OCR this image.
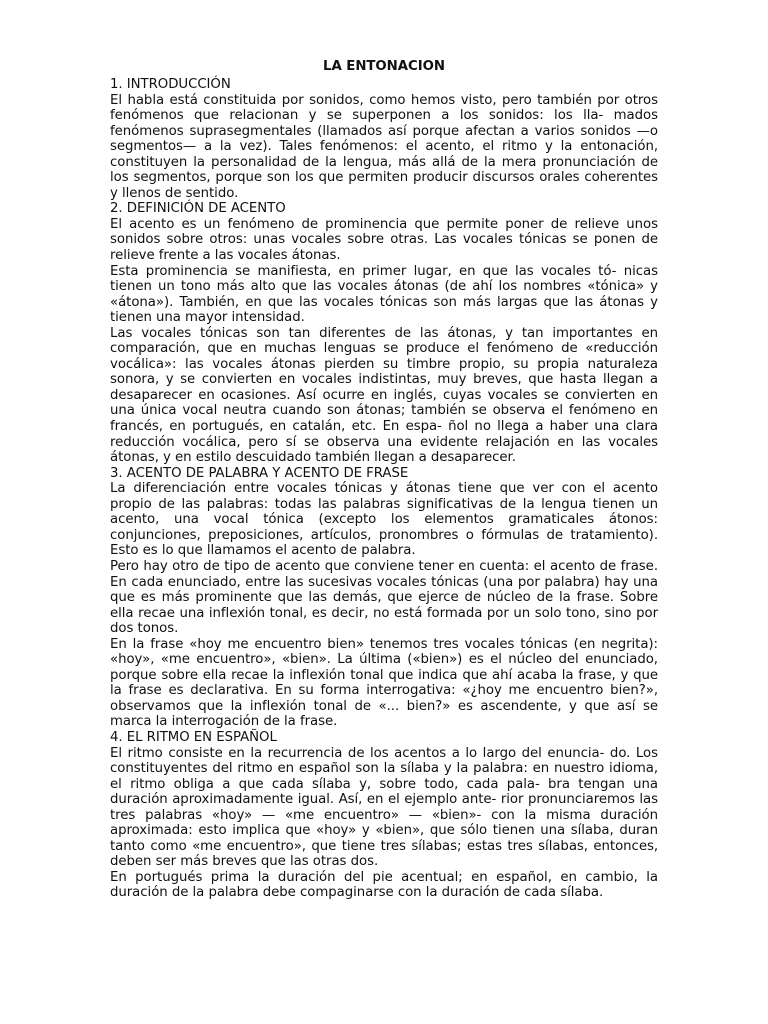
LA ENTONACION

1. INTRODUCCIÓN

El habla está constituida por sonidos, como hemos visto, pero también por otros fenómenos que relacionan y se superponen a los sonidos: los lla- mados fenómenos suprasegmentales (llamados así porque afectan a varios sonidos —o segmentos— a la vez). Tales fenómenos: el acento, el ritmo y la entonación, constituyen la personalidad de la lengua, más allá de la mera pronunciación de los segmentos, porque son los que permiten producir discursos orales coherentes y llenos de sentido.

2. DEFINICIÓN DE ACENTO

El acento es un fenómeno de prominencia que permite poner de relieve unos sonidos sobre otros: unas vocales sobre otras. Las vocales tónicas se ponen de relieve frente a las vocales átonas.

Esta prominencia se manifiesta, en primer lugar, en que las vocales tó- nicas tienen un tono más alto que las vocales átonas (de ahí los nombres «tónica» y «átona»). También, en que las vocales tónicas son más largas que las átonas y tienen una mayor intensidad.

Las vocales tónicas son tan diferentes de las átonas, y tan importantes en comparación, que en muchas lenguas se produce el fenómeno de «reducción vocálica»: las vocales átonas pierden su timbre propio, su propia naturaleza sonora, y se convierten en vocales indistintas, muy breves, que hasta llegan a desaparecer en ocasiones. Así ocurre en inglés, cuyas vocales se convierten en una única vocal neutra cuando son átonas; también se observa el fenómeno en francés, en portugués, en catalán, etc. En espa- ñol no llega a haber una clara reducción vocálica, pero sí se observa una evidente relajación en las vocales átonas, y en estilo descuidado también llegan a desaparecer.

3. ACENTO DE PALABRA Y ACENTO DE FRASE

La diferenciación entre vocales tónicas y átonas tiene que ver con el acento propio de las palabras: todas las palabras significativas de la lengua tienen un acento, una vocal tónica (excepto los elementos gramaticales átonos: conjunciones, preposiciones, artículos, pronombres o fórmulas de tratamiento). Esto es lo que llamamos el acento de palabra.

Pero hay otro de tipo de acento que conviene tener en cuenta: el acento de frase. En cada enunciado, entre las sucesivas vocales tónicas (una por palabra) hay una que es más prominente que las demás, que ejerce de núcleo de la frase. Sobre ella recae una inflexión tonal, es decir, no está formada por un solo tono, sino por dos tonos.

En la frase «hoy me encuentro bien» tenemos tres vocales tónicas (en negrita): «hoy», «me encuentro», «bien». La última («bien») es el núcleo del enunciado, porque sobre ella recae la inflexión tonal que indica que ahí acaba la frase, y que la frase es declarativa. En su forma interrogativa: «¿hoy me encuentro bien?», observamos que la inflexión tonal de «... bien?» es ascendente, y que así se marca la interrogación de la frase.

4. EL RITMO EN ESPAÑOL

El ritmo consiste en la recurrencia de los acentos a lo largo del enuncia- do. Los constituyentes del ritmo en español son la sílaba y la palabra: en nuestro idioma, el ritmo obliga a que cada sílaba y, sobre todo, cada pala- bra tengan una duración aproximadamente igual. Así, en el ejemplo ante- rior pronunciaremos las tres palabras «hoy» — «me encuentro» — «bien»- con la misma duración aproximada: esto implica que «hoy» y «bien», que sólo tienen una sílaba, duran tanto como «me encuentro», que tiene tres sílabas; estas tres sílabas, entonces, deben ser más breves que las otras dos.

En portugués prima la duración del pie acentual; en español, en cambio, la duración de la palabra debe compaginarse con la duración de cada sílaba.
